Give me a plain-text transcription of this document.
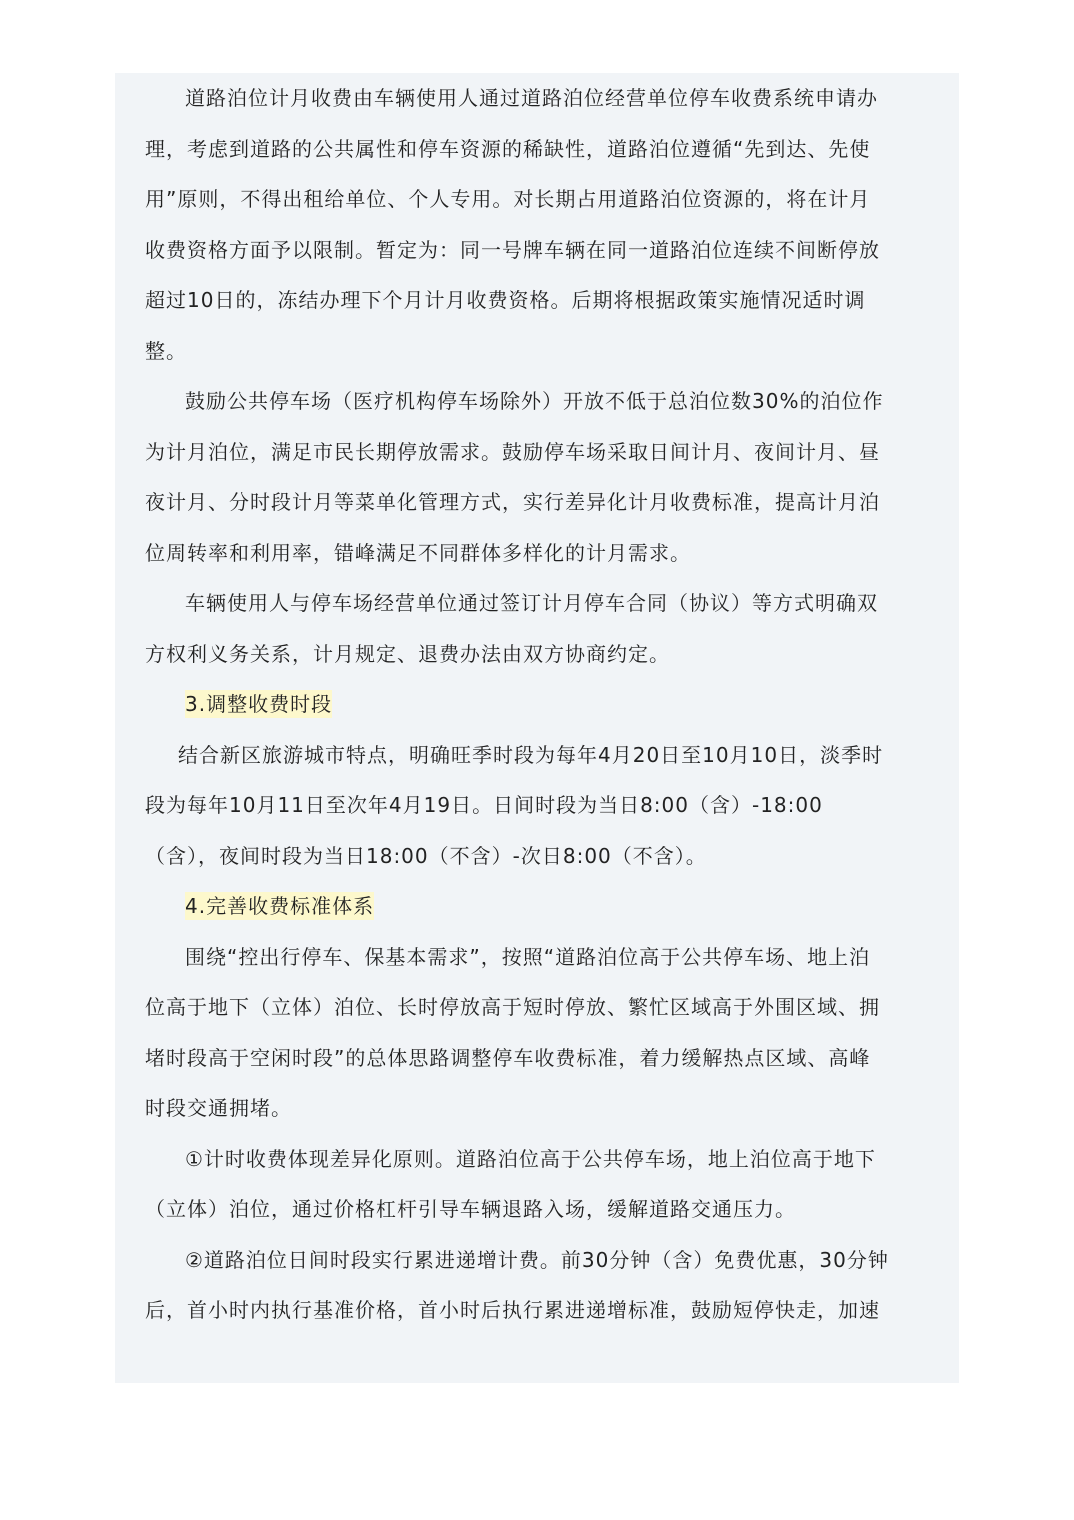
道路泊位计月收费由车辆使用人通过道路泊位经营单位停车收费系统申请办
理，考虑到道路的公共属性和停车资源的稀缺性，道路泊位遵循“先到达、先使
用”原则，不得出租给单位、个人专用。对长期占用道路泊位资源的，将在计月
收费资格方面予以限制。暂定为：同一号牌车辆在同一道路泊位连续不间断停放
超过10日的，冻结办理下个月计月收费资格。后期将根据政策实施情况适时调
整。
鼓励公共停车场（医疗机构停车场除外）开放不低于总泊位数30%的泊位作
为计月泊位，满足市民长期停放需求。鼓励停车场采取日间计月、夜间计月、昼
夜计月、分时段计月等菜单化管理方式，实行差异化计月收费标准，提高计月泊
位周转率和利用率，错峰满足不同群体多样化的计月需求。
车辆使用人与停车场经营单位通过签订计月停车合同（协议）等方式明确双
方权利义务关系，计月规定、退费办法由双方协商约定。
3.调整收费时段
结合新区旅游城市特点，明确旺季时段为每年4月20日至10月10日，淡季时
段为每年10月11日至次年4月19日。日间时段为当日8:00（含）-18:00
（含），夜间时段为当日18:00（不含）-次日8:00（不含）。
4.完善收费标准体系
围绕“控出行停车、保基本需求”，按照“道路泊位高于公共停车场、地上泊
位高于地下（立体）泊位、长时停放高于短时停放、繁忙区域高于外围区域、拥
堵时段高于空闲时段”的总体思路调整停车收费标准，着力缓解热点区域、高峰
时段交通拥堵。
①计时收费体现差异化原则。道路泊位高于公共停车场，地上泊位高于地下
（立体）泊位，通过价格杠杆引导车辆退路入场，缓解道路交通压力。
②道路泊位日间时段实行累进递增计费。前30分钟（含）免费优惠，30分钟
后，首小时内执行基准价格，首小时后执行累进递增标准，鼓励短停快走，加速
